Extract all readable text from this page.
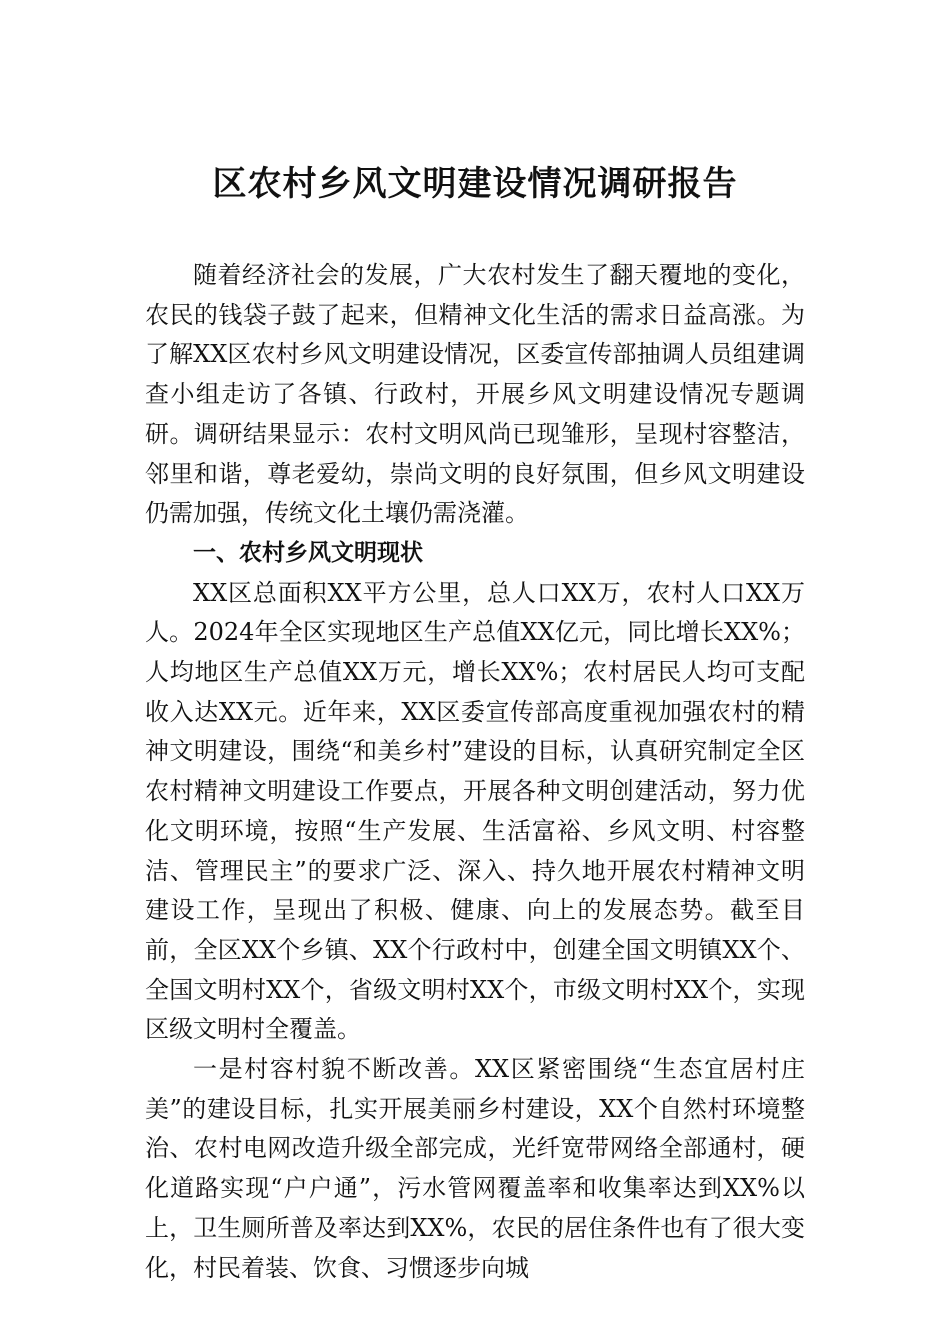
区农村乡风文明建设情况调研报告

随着经济社会的发展，广大农村发生了翻天覆地的变化，农民的钱袋子鼓了起来，但精神文化生活的需求日益高涨。为了解XX区农村乡风文明建设情况，区委宣传部抽调人员组建调查小组走访了各镇、行政村，开展乡风文明建设情况专题调研。调研结果显示：农村文明风尚已现雏形，呈现村容整洁，邻里和谐，尊老爱幼，崇尚文明的良好氛围，但乡风文明建设仍需加强，传统文化土壤仍需浇灌。

一、农村乡风文明现状

XX区总面积XX平方公里，总人口XX万，农村人口XX万人。2024年全区实现地区生产总值XX亿元，同比增长XX%；人均地区生产总值XX万元，增长XX%；农村居民人均可支配收入达XX元。近年来，XX区委宣传部高度重视加强农村的精神文明建设，围绕“和美乡村”建设的目标，认真研究制定全区农村精神文明建设工作要点，开展各种文明创建活动，努力优化文明环境，按照“生产发展、生活富裕、乡风文明、村容整洁、管理民主”的要求广泛、深入、持久地开展农村精神文明建设工作，呈现出了积极、健康、向上的发展态势。截至目前，全区XX个乡镇、XX个行政村中，创建全国文明镇XX个、全国文明村XX个，省级文明村XX个，市级文明村XX个，实现区级文明村全覆盖。

一是村容村貌不断改善。XX区紧密围绕“生态宜居村庄美”的建设目标，扎实开展美丽乡村建设，XX个自然村环境整治、农村电网改造升级全部完成，光纤宽带网络全部通村，硬化道路实现“户户通”，污水管网覆盖率和收集率达到XX%以上，卫生厕所普及率达到XX%，农民的居住条件也有了很大变化，村民着装、饮食、习惯逐步向城
